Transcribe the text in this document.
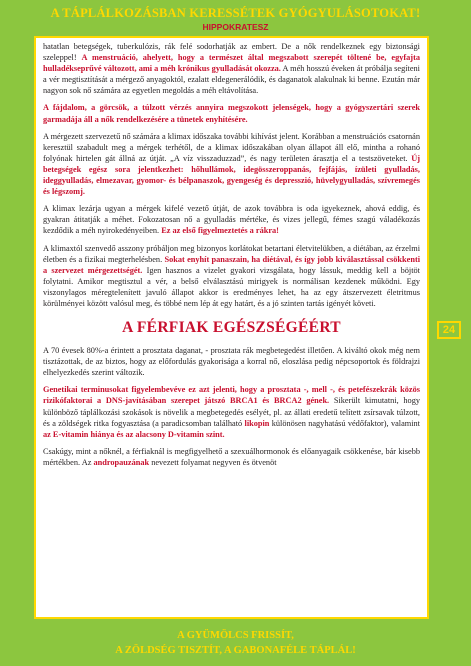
A TÁPLÁLKOZÁSBAN KERESSÉTEK GYÓGYULÁSOTOKAT!
HIPPOKRATESZ

hatatlan betegségek, tuberkulózis, rák felé sodorhatják az embert. De a nők rendelkeznek egy biztonsági szeleppel! A menstruáció, ahelyett, hogy a természet által megszabott szerepét töltené be, egyfajta hulladékseprűvé változott, ami a méh krónikus gyulladását okozza. A méh hosszú éveken át próbálja segíteni a vér megtisztítását a mérgező anyagoktól, ezalatt eldegenerálódik, és daganatok alakulnak ki benne. Ezután már nagyon sok nő számára az egyetlen megoldás a méh eltávolítása.

A fájdalom, a görcsök, a túlzott vérzés annyira megszokott jelenségek, hogy a gyógyszertári szerek garmadája áll a nők rendelkezésére a tünetek enyhítésére.

A mérgezett szervezetű nő számára a klimax időszaka további kihívást jelent. Korábban a menstruációs csatornán keresztül szabadult meg a mérgek terhétől, de a klimax időszakában olyan állapot áll elő, mintha a rohanó folyónak hirtelen gát állná az útját. „A víz visszaduzzad”, és nagy területen árasztja el a testszöveteket. Új betegségek egész sora jelentkezhet: hőhullámok, idegösszeroppanás, fejfájás, ízületi gyulladás, ideggyulladás, elmezavar, gyomor- és bélpanaszok, gyengeség és depresszió, hüvelygyulladás, szívremegés és légszomj.

A klimax lezárja ugyan a mérgek kifelé vezető útját, de azok továbbra is oda igyekeznek, ahová eddig, és gyakran átitatják a méhet. Fokozatosan nő a gyulladás mértéke, és vizes jellegű, fémes szagú váladékozás kezdődik a méh nyirokedényeiben. Ez az első figyelmeztetés a rákra!

A klimaxtól szenvedő asszony próbáljon meg bizonyos korlátokat betartani életvitelükben, a diétában, az érzelmi életben és a fizikai megterhelésben. Sokat enyhít panaszain, ha diétával, és így jobb kiválasztással csökkenti a szervezet mérgezettségét. Igen hasznos a vizelet gyakori vizsgálata, hogy lássuk, meddig kell a böjtöt folytatni. Amikor megtisztul a vér, a belső elválasztású mirigyek is normálisan kezdenek működni. Egy viszonylagos méregtelenített javuló állapot akkor is eredményes lehet, ha az egy átszervezett életritmus körülményei között valósul meg, és többé nem lép át egy határt, és a jó szinten tartás igényét követi.

A FÉRFIAK EGÉSZSÉGÉÉRT

A 70 évesek 80%-a érintett a prosztata daganat, - prosztata rák megbetegedést illetően. A kiváltó okok még nem tisztázottak, de az biztos, hogy az előfordulás gyakorisága a korral nő, eloszlása pedig népcsoportok és földrajzi elhelyezkedés szerint változik.

Genetikai terminusokat figyelembevéve ez azt jelenti, hogy a prosztata -, mell -, és petefészekrák közös rizikófaktorai a DNS-javításában szerepet játszó BRCA1 és BRCA2 gének. Sikerült kimutatni, hogy különböző táplálkozási szokások is növelik a megbetegedés esélyét, pl. az állati eredetű telített zsírsavak túlzott, és a zöldségek ritka fogyasztása (a paradicsomban található likopin különösen nagyhatású védőfaktor), valamint az E-vitamin hiánya és az alacsony D-vitamin szint.

Csakúgy, mint a nőknél, a férfiaknál is megfigyelhető a szexuálhormonok és előanyagaik csökkenése, bár kisebb mértékben. Az andropauzának nevezett folyamat negyven és ötvenöt

24
A GYÜMÖLCS FRISSÍT,
A ZÖLDSÉG TISZTÍT, A GABONAFÉLE TÁPLÁL!
